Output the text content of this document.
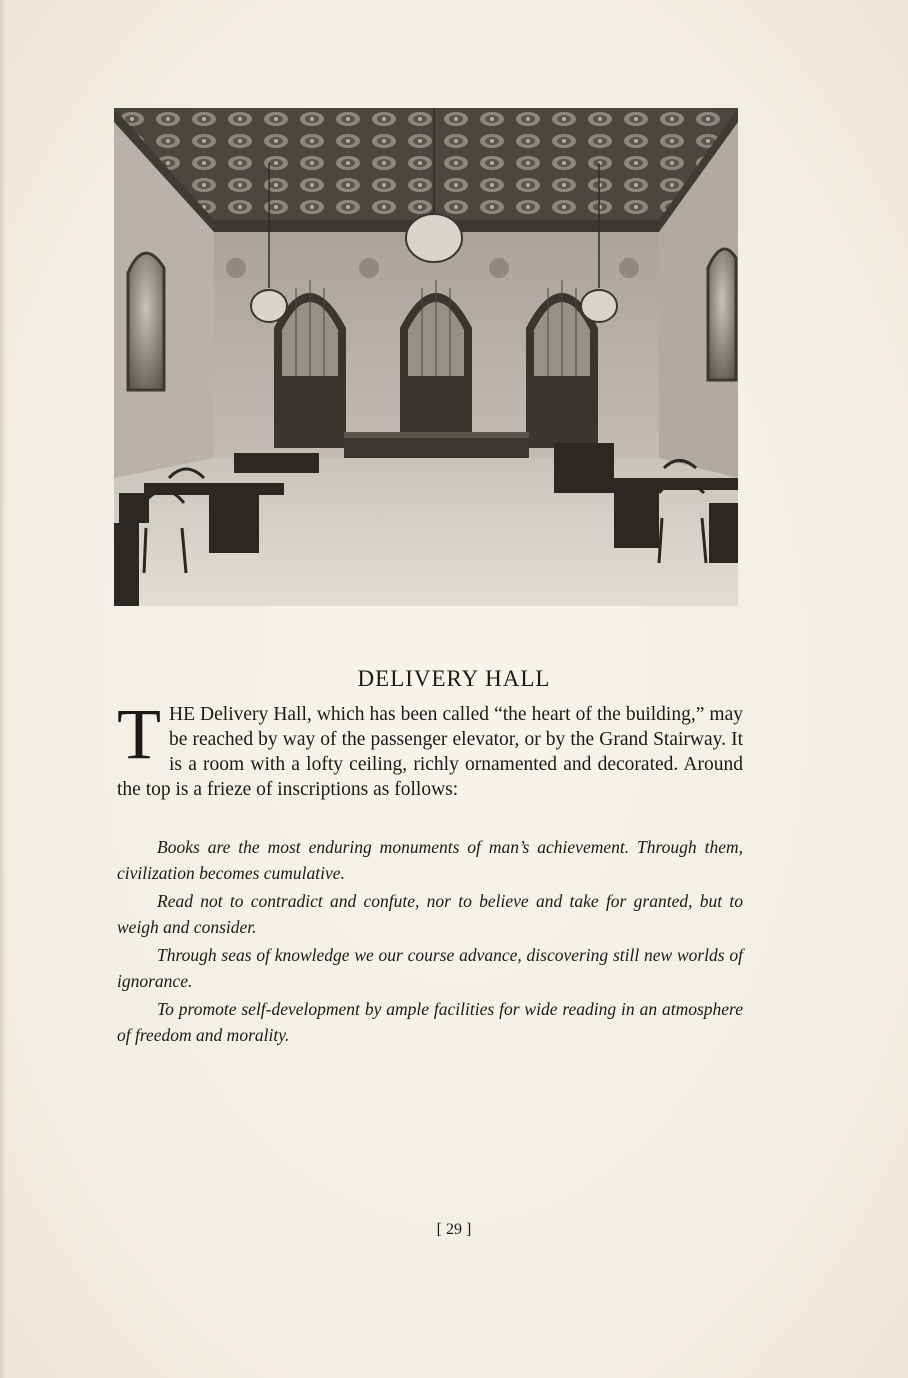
DELIVERY HALL
THE Delivery Hall, which has been called “the heart of the building,” may be reached by way of the passenger elevator, or by the Grand Stairway. It is a room with a lofty ceiling, richly ornamented and decorated. Around the top is a frieze of inscriptions as follows:
Books are the most enduring monuments of man’s achievement. Through them, civilization becomes cumulative.
Read not to contradict and confute, nor to believe and take for granted, but to weigh and consider.
Through seas of knowledge we our course advance, discovering still new worlds of ignorance.
To promote self-development by ample facilities for wide reading in an atmosphere of freedom and morality.
[ 29 ]
